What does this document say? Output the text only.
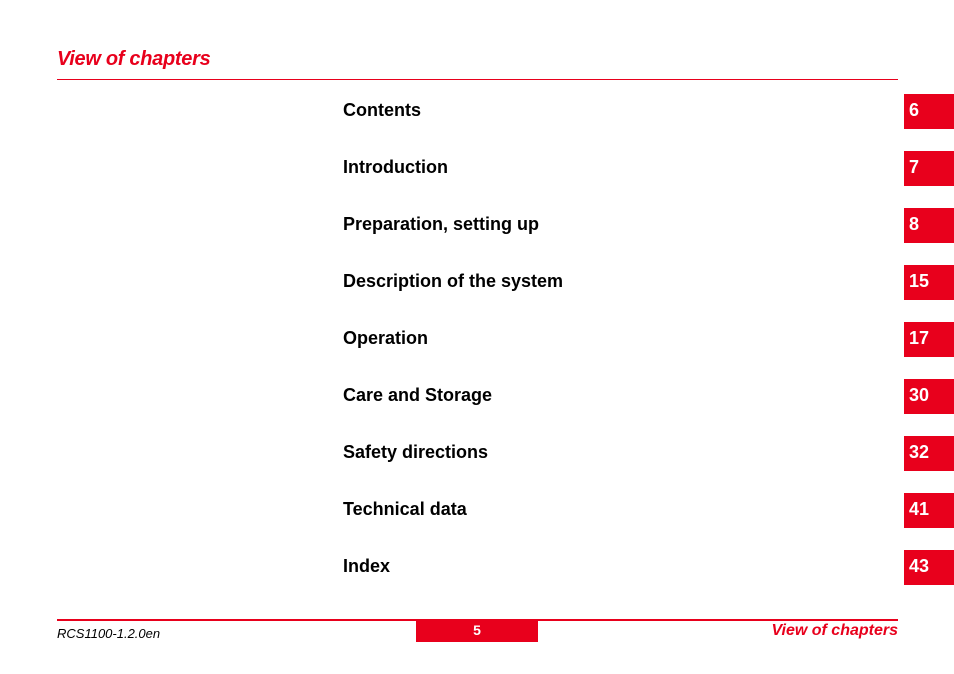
View of chapters
Contents	6
Introduction	7
Preparation, setting up	8
Description of the system	15
Operation	17
Care and Storage	30
Safety directions	32
Technical data	41
Index	43
RCS1100-1.2.0en	5	View of chapters
